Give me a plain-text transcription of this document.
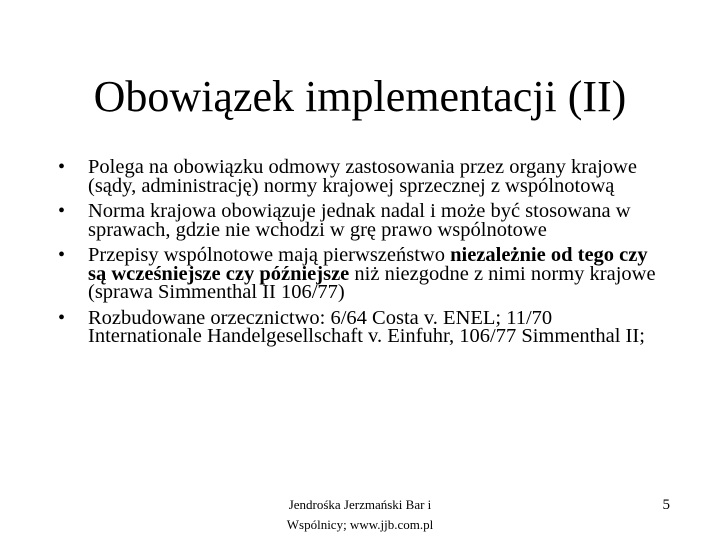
Obowiązek implementacji (II)
• Polega na obowiązku odmowy zastosowania przez organy krajowe (sądy, administrację) normy krajowej sprzecznej z wspólnotową
• Norma krajowa obowiązuje jednak nadal i może być stosowana w sprawach, gdzie nie wchodzi w grę prawo wspólnotowe
• Przepisy wspólnotowe mają pierwszeństwo niezależnie od tego czy są wcześniejsze czy późniejsze niż niezgodne z nimi normy krajowe (sprawa Simmenthal II 106/77)
• Rozbudowane orzecznictwo: 6/64 Costa v. ENEL; 11/70 Internationale Handelgesellschaft v. Einfuhr, 106/77 Simmenthal II;
Jendrośka Jerzmański Bar i
Wspólnicy; www.jjb.com.pl
5
